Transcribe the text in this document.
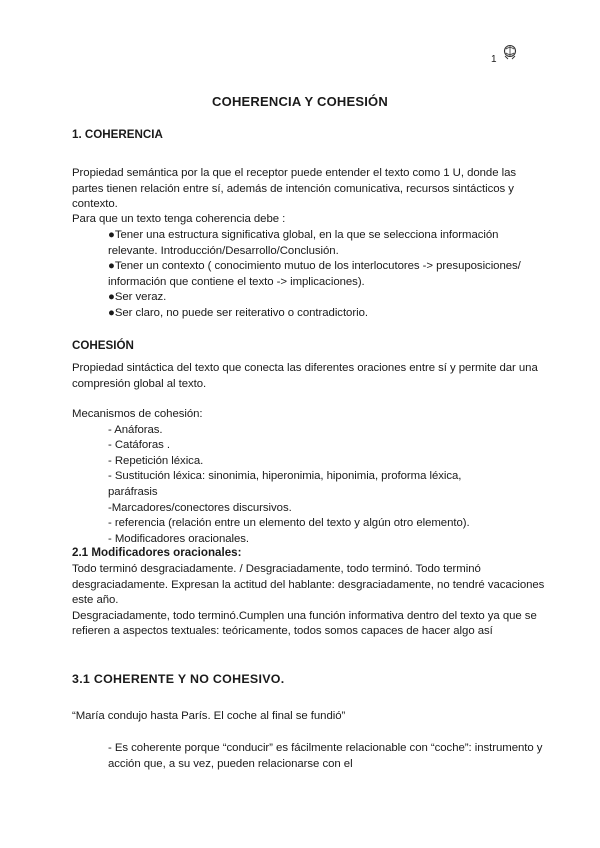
1
COHERENCIA Y COHESIÓN
1. COHERENCIA

Propiedad semántica por la que el receptor puede entender el texto como 1 U, donde las partes tienen relación entre sí, además de intención comunicativa, recursos sintácticos y contexto.

Para que un texto tenga coherencia debe :

●Tener una estructura significativa global, en la que se selecciona información relevante. Introducción/Desarrollo/Conclusión.
●Tener un contexto ( conocimiento mutuo de los interlocutores -> presuposiciones/ información que contiene el texto -> implicaciones).
●Ser veraz.
●Ser claro, no puede ser reiterativo o contradictorio.
COHESIÓN

Propiedad sintáctica del texto que conecta las diferentes oraciones entre sí y permite dar una compresión global al texto.

Mecanismos de cohesión:
- Anáforas.
- Catáforas .
- Repetición léxica.
- Sustitución léxica: sinonimia, hiperonimia, hiponimia, proforma léxica,
paráfrasis
-Marcadores/conectores discursivos.
- referencia (relación entre un elemento del texto y algún otro elemento).
- Modificadores oracionales.
2.1 Modificadores oracionales:

Todo terminó desgraciadamente. / Desgraciadamente, todo terminó. Todo terminó desgraciadamente. Expresan la actitud del hablante: desgraciadamente, no tendré vacaciones este año.

Desgraciadamente, todo terminó.Cumplen una función informativa dentro del texto ya que se refieren a aspectos textuales: teóricamente, todos somos capaces de hacer algo así

3.1 COHERENTE Y NO COHESIVO.

“María condujo hasta París. El coche al final se fundió”

- Es coherente porque “conducir” es fácilmente relacionable con “coche”: instrumento y acción que, a su vez, pueden relacionarse con el
